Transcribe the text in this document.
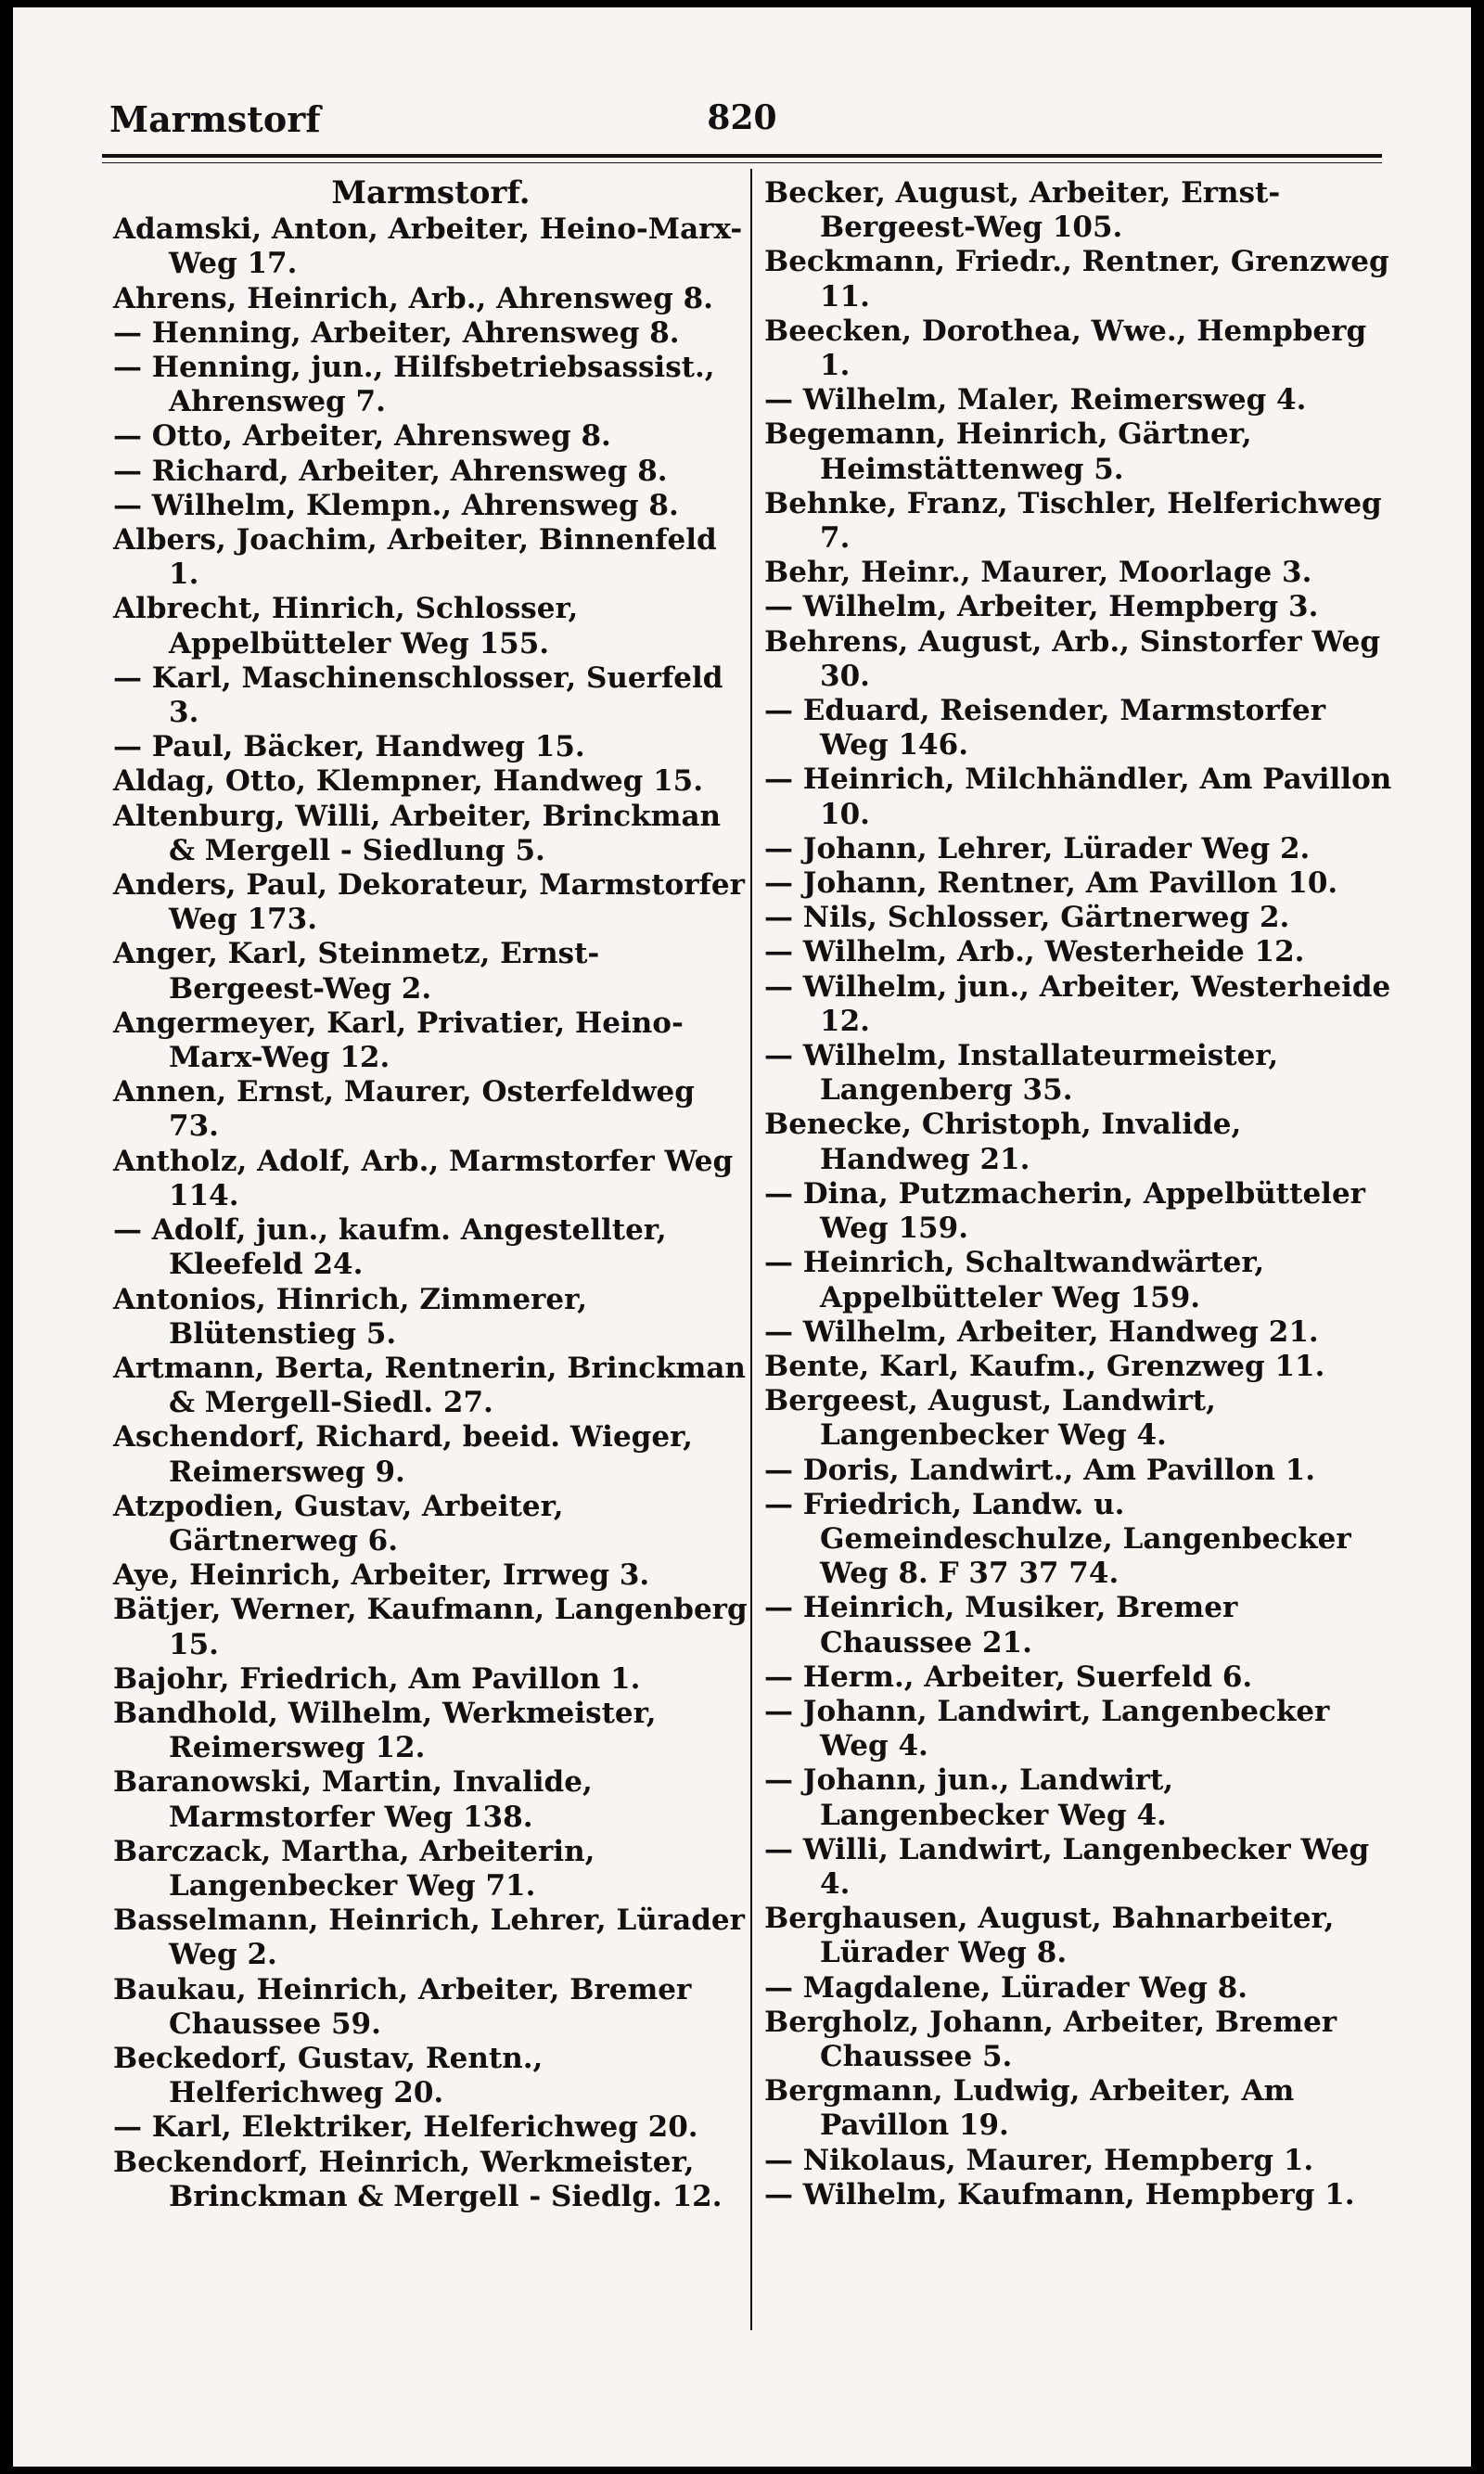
Marmstorf	820
Marmstorf.
Adamski, Anton, Arbeiter, Heino-Marx-Weg 17.
Ahrens, Heinrich, Arb., Ahrensweg 8.
— Henning, Arbeiter, Ahrensweg 8.
— Henning, jun., Hilfsbetriebsassist., Ahrensweg 7.
— Otto, Arbeiter, Ahrensweg 8.
— Richard, Arbeiter, Ahrensweg 8.
— Wilhelm, Klempn., Ahrensweg 8.
Albers, Joachim, Arbeiter, Binnenfeld 1.
Albrecht, Hinrich, Schlosser, Appelbütteler Weg 155.
— Karl, Maschinenschlosser, Suerfeld 3.
— Paul, Bäcker, Handweg 15.
Aldag, Otto, Klempner, Handweg 15.
Altenburg, Willi, Arbeiter, Brinckman & Mergell - Siedlung 5.
Anders, Paul, Dekorateur, Marmstorfer Weg 173.
Anger, Karl, Steinmetz, Ernst-Bergeest-Weg 2.
Angermeyer, Karl, Privatier, Heino-Marx-Weg 12.
Annen, Ernst, Maurer, Osterfeldweg 73.
Antholz, Adolf, Arb., Marmstorfer Weg 114.
— Adolf, jun., kaufm. Angestellter, Kleefeld 24.
Antonios, Hinrich, Zimmerer, Blütenstieg 5.
Artmann, Berta, Rentnerin, Brinckman & Mergell-Siedl. 27.
Aschendorf, Richard, beeid. Wieger, Reimersweg 9.
Atzpodien, Gustav, Arbeiter, Gärtnerweg 6.
Aye, Heinrich, Arbeiter, Irrweg 3.
Bätjer, Werner, Kaufmann, Langenberg 15.
Bajohr, Friedrich, Am Pavillon 1.
Bandhold, Wilhelm, Werkmeister, Reimersweg 12.
Baranowski, Martin, Invalide, Marmstorfer Weg 138.
Barczack, Martha, Arbeiterin, Langenbecker Weg 71.
Basselmann, Heinrich, Lehrer, Lürader Weg 2.
Baukau, Heinrich, Arbeiter, Bremer Chaussee 59.
Beckedorf, Gustav, Rentn., Helferichweg 20.
— Karl, Elektriker, Helferichweg 20.
Beckendorf, Heinrich, Werkmeister, Brinckman & Mergell - Siedlg. 12.
Becker, August, Arbeiter, Ernst-Bergeest-Weg 105.
Beckmann, Friedr., Rentner, Grenzweg 11.
Beecken, Dorothea, Wwe., Hempberg 1.
— Wilhelm, Maler, Reimersweg 4.
Begemann, Heinrich, Gärtner, Heimstättenweg 5.
Behnke, Franz, Tischler, Helferichweg 7.
Behr, Heinr., Maurer, Moorlage 3.
— Wilhelm, Arbeiter, Hempberg 3.
Behrens, August, Arb., Sinstorfer Weg 30.
— Eduard, Reisender, Marmstorfer Weg 146.
— Heinrich, Milchhändler, Am Pavillon 10.
— Johann, Lehrer, Lürader Weg 2.
— Johann, Rentner, Am Pavillon 10.
— Nils, Schlosser, Gärtnerweg 2.
— Wilhelm, Arb., Westerheide 12.
— Wilhelm, jun., Arbeiter, Westerheide 12.
— Wilhelm, Installateurmeister, Langenberg 35.
Benecke, Christoph, Invalide, Handweg 21.
— Dina, Putzmacherin, Appelbütteler Weg 159.
— Heinrich, Schaltwandwärter, Appelbütteler Weg 159.
— Wilhelm, Arbeiter, Handweg 21.
Bente, Karl, Kaufm., Grenzweg 11.
Bergeest, August, Landwirt, Langenbecker Weg 4.
— Doris, Landwirt., Am Pavillon 1.
— Friedrich, Landw. u. Gemeindeschulze, Langenbecker Weg 8. F 37 37 74.
— Heinrich, Musiker, Bremer Chaussee 21.
— Herm., Arbeiter, Suerfeld 6.
— Johann, Landwirt, Langenbecker Weg 4.
— Johann, jun., Landwirt, Langenbecker Weg 4.
— Willi, Landwirt, Langenbecker Weg 4.
Berghausen, August, Bahnarbeiter, Lürader Weg 8.
— Magdalene, Lürader Weg 8.
Bergholz, Johann, Arbeiter, Bremer Chaussee 5.
Bergmann, Ludwig, Arbeiter, Am Pavillon 19.
— Nikolaus, Maurer, Hempberg 1.
— Wilhelm, Kaufmann, Hempberg 1.
